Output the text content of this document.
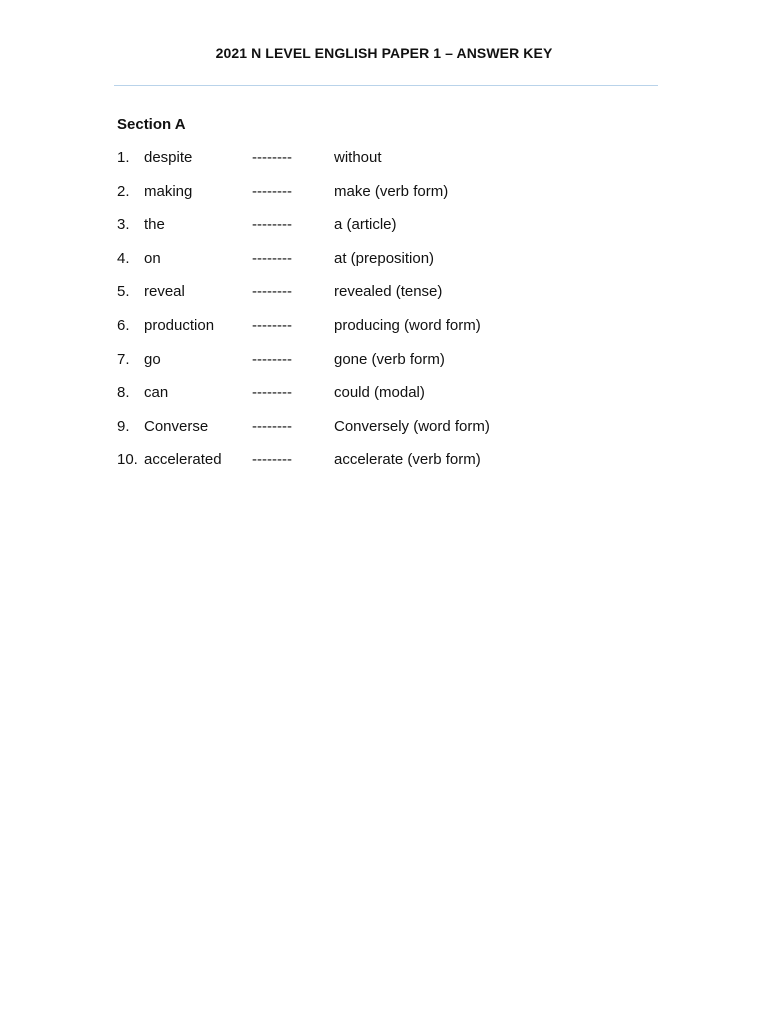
2021 N LEVEL ENGLISH PAPER 1 – ANSWER KEY
Section A
1. despite	--------	without
2. making	--------	make (verb form)
3. the	--------	a (article)
4. on	--------	at (preposition)
5. reveal	--------	revealed (tense)
6. production	--------	producing (word form)
7. go	--------	gone (verb form)
8. can	--------	could (modal)
9. Converse	--------	Conversely (word form)
10. accelerated --------	accelerate (verb form)
